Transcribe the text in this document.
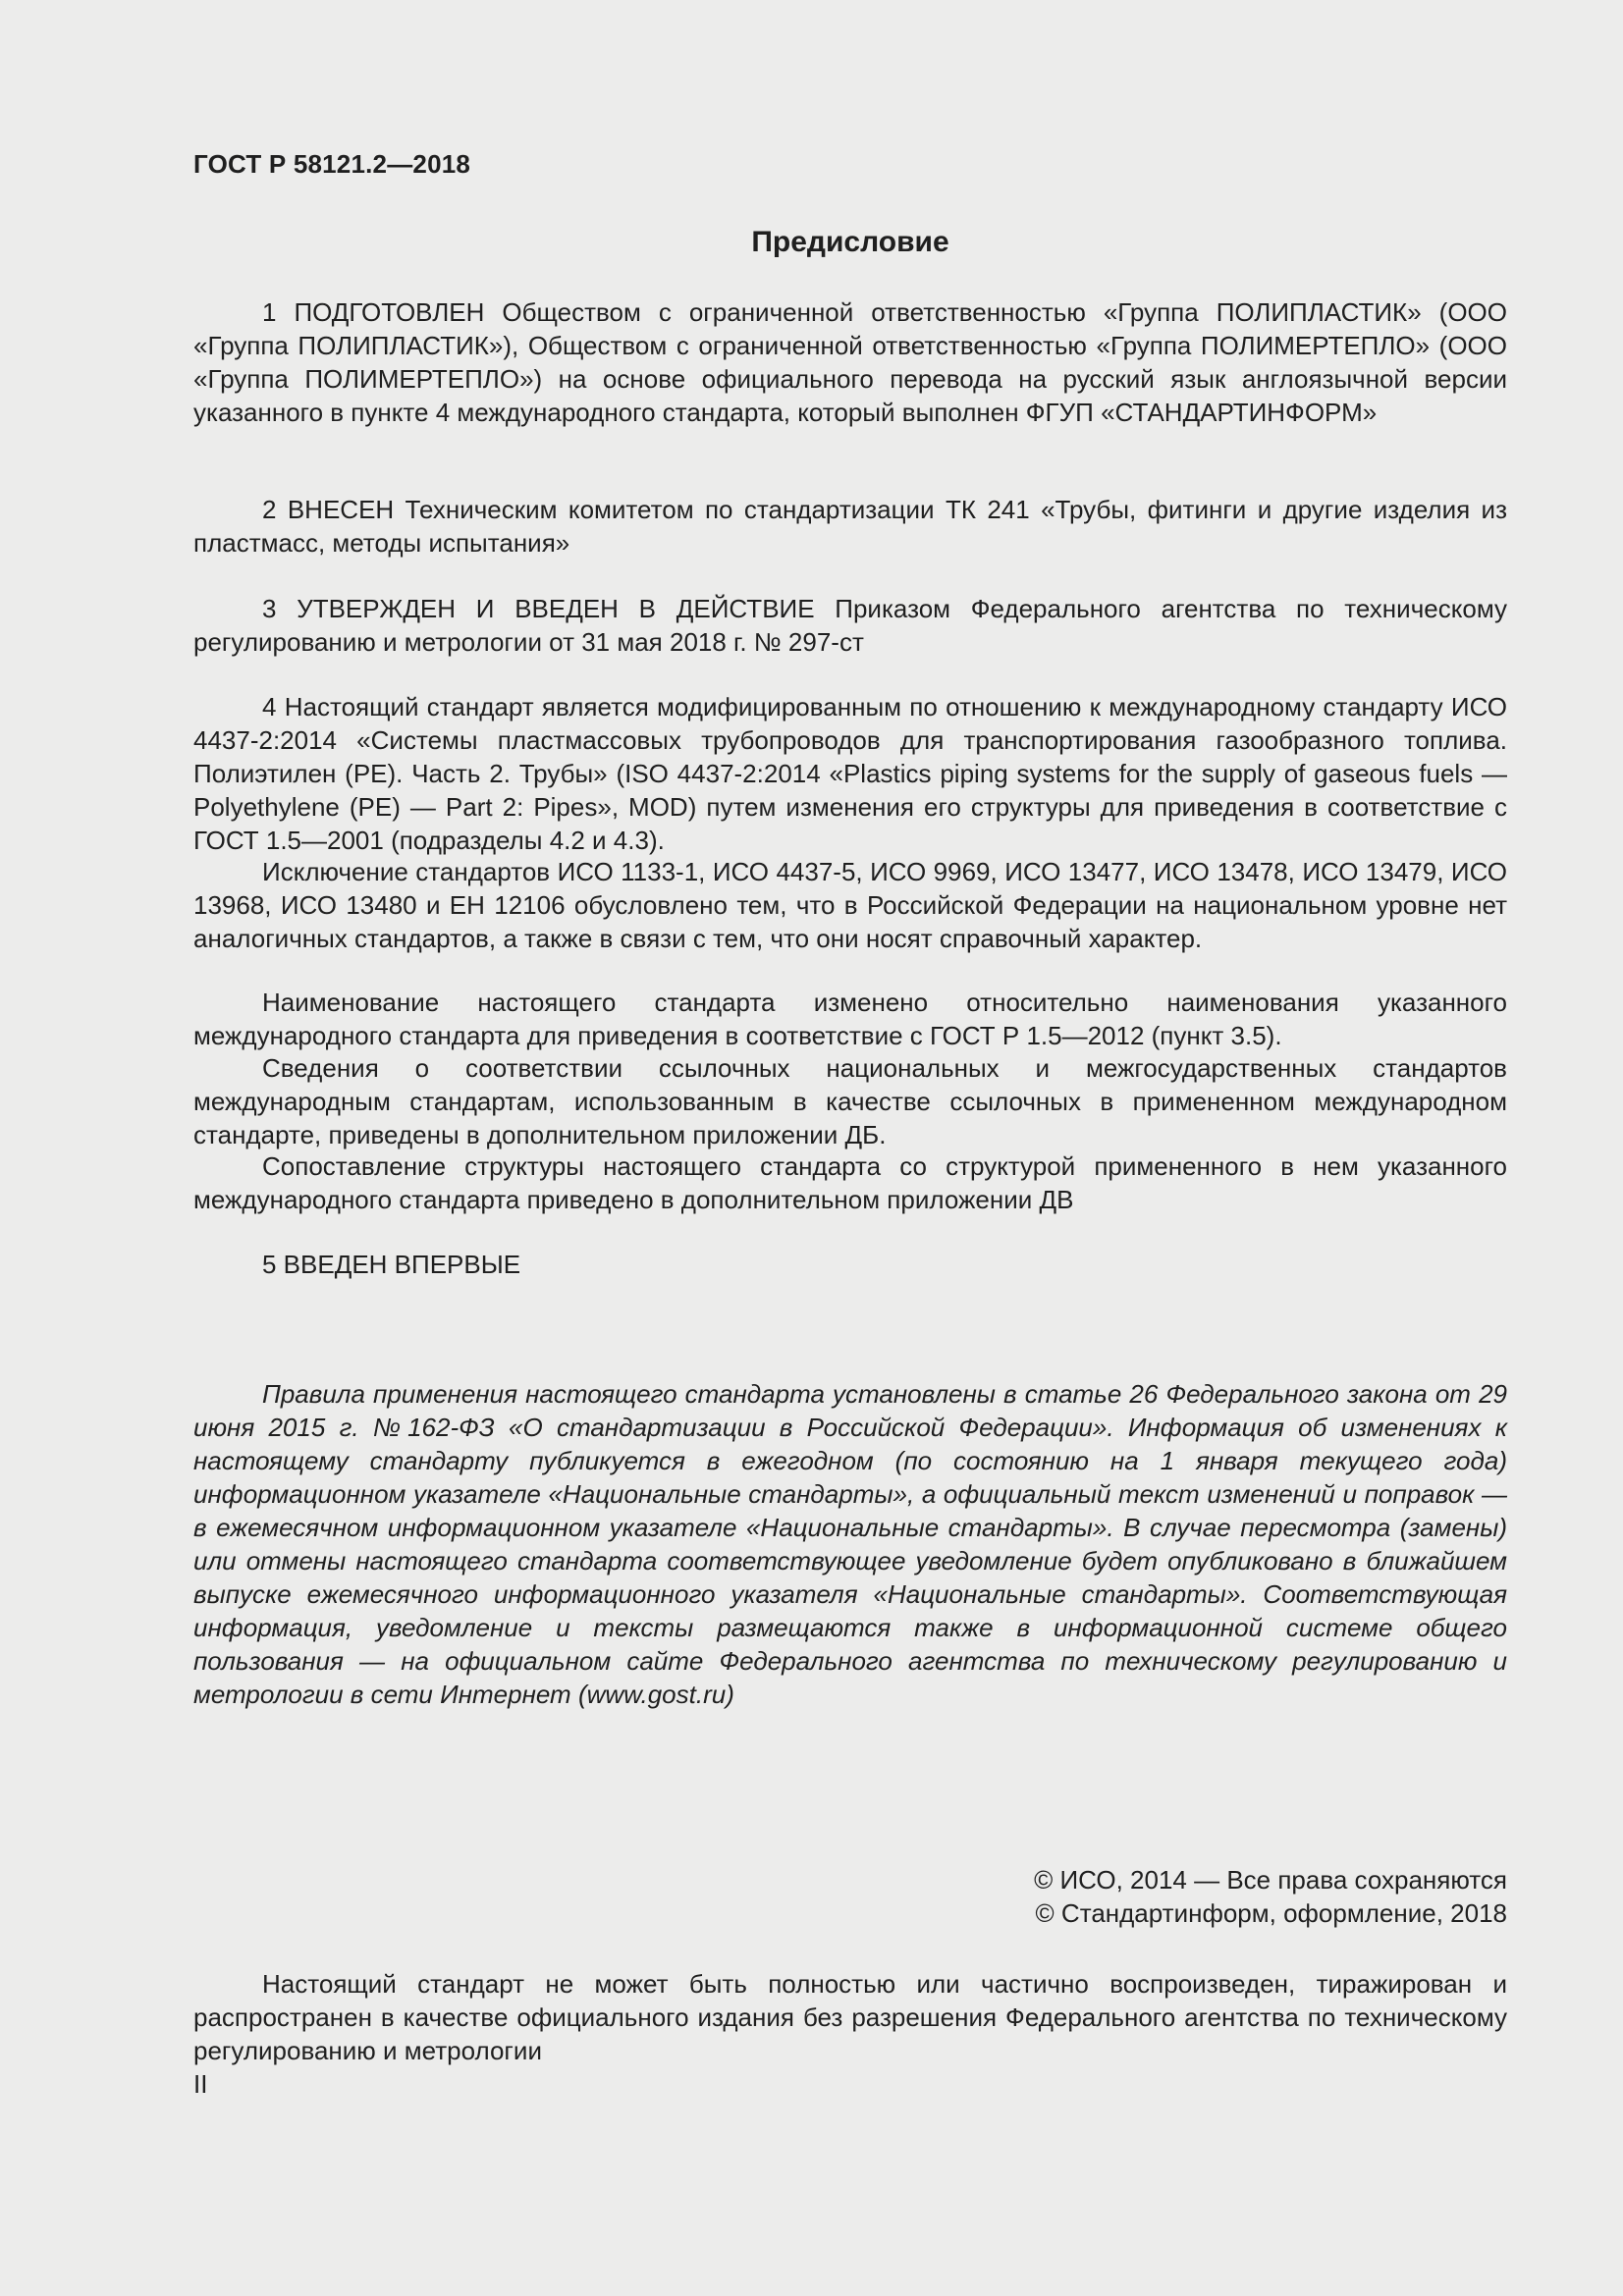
ГОСТ Р 58121.2—2018
Предисловие

1 ПОДГОТОВЛЕН Обществом с ограниченной ответственностью «Группа ПОЛИПЛАСТИК» (ООО «Группа ПОЛИПЛАСТИК»), Обществом с ограниченной ответственностью «Группа ПОЛИМЕРТЕПЛО» (ООО «Группа ПОЛИМЕРТЕПЛО») на основе официального перевода на русский язык англоязычной версии указанного в пункте 4 международного стандарта, который выполнен ФГУП «СТАНДАРТИНФОРМ»

2 ВНЕСЕН Техническим комитетом по стандартизации ТК 241 «Трубы, фитинги и другие изделия из пластмасс, методы испытания»

3 УТВЕРЖДЕН И ВВЕДЕН В ДЕЙСТВИЕ Приказом Федерального агентства по техническому регулированию и метрологии от 31 мая 2018 г. № 297-ст

4 Настоящий стандарт является модифицированным по отношению к международному стандарту ИСО 4437-2:2014 «Системы пластмассовых трубопроводов для транспортирования газообразного топлива. Полиэтилен (PE). Часть 2. Трубы» (ISO 4437-2:2014 «Plastics piping systems for the supply of gaseous fuels — Polyethylene (PE) — Part 2: Pipes», MOD) путем изменения его структуры для приведения в соответствие с ГОСТ 1.5—2001 (подразделы 4.2 и 4.3).

Исключение стандартов ИСО 1133-1, ИСО 4437-5, ИСО 9969, ИСО 13477, ИСО 13478, ИСО 13479, ИСО 13968, ИСО 13480 и ЕН 12106 обусловлено тем, что в Российской Федерации на национальном уровне нет аналогичных стандартов, а также в связи с тем, что они носят справочный характер.

Наименование настоящего стандарта изменено относительно наименования указанного международного стандарта для приведения в соответствие с ГОСТ Р 1.5—2012 (пункт 3.5).

Сведения о соответствии ссылочных национальных и межгосударственных стандартов международным стандартам, использованным в качестве ссылочных в примененном международном стандарте, приведены в дополнительном приложении ДБ.

Сопоставление структуры настоящего стандарта со структурой примененного в нем указанного международного стандарта приведено в дополнительном приложении ДВ

5 ВВЕДЕН ВПЕРВЫЕ

Правила применения настоящего стандарта установлены в статье 26 Федерального закона от 29 июня 2015 г. №162-ФЗ «О стандартизации в Российской Федерации». Информация об изменениях к настоящему стандарту публикуется в ежегодном (по состоянию на 1 января текущего года) информационном указателе «Национальные стандарты», а официальный текст изменений и поправок — в ежемесячном информационном указателе «Национальные стандарты». В случае пересмотра (замены) или отмены настоящего стандарта соответствующее уведомление будет опубликовано в ближайшем выпуске ежемесячного информационного указателя «Национальные стандарты». Соответствующая информация, уведомление и тексты размещаются также в информационной системе общего пользования — на официальном сайте Федерального агентства по техническому регулированию и метрологии в сети Интернет (www.gost.ru)

© ИСО, 2014 — Все права сохраняются
© Стандартинформ, оформление, 2018

Настоящий стандарт не может быть полностью или частично воспроизведен, тиражирован и распространен в качестве официального издания без разрешения Федерального агентства по техническому регулированию и метрологии

II
